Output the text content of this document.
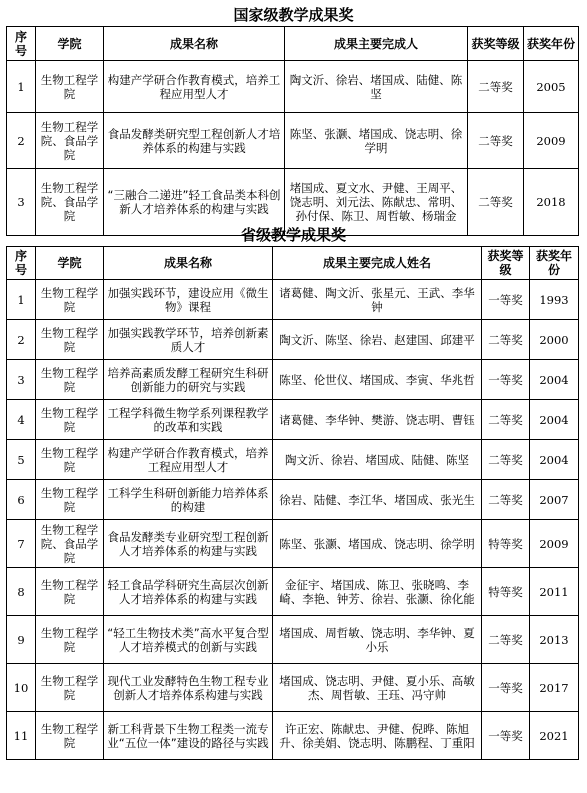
国家级教学成果奖
序号	学院	成果名称	成果主要完成人	获奖等级	获奖年份
1	生物工程学院	构建产学研合作教育模式，培养工程应用型人才	陶文沂、徐岩、堵国成、陆健、陈坚	二等奖	2005
2	生物工程学院、食品学院	食品发酵类研究型工程创新人才培养体系的构建与实践	陈坚、张灏、堵国成、饶志明、徐学明	二等奖	2009
3	生物工程学院、食品学院	“三融合二递进”轻工食品类本科创新人才培养体系的构建与实践	堵国成、夏文水、尹健、王周平、饶志明、刘元法、陈献忠、常明、孙付保、陈卫、周哲敏、杨瑞金	二等奖	2018
省级教学成果奖
序号	学院	成果名称	成果主要完成人姓名	获奖等级	获奖年份
1	生物工程学院	加强实践环节，建设应用《微生物》课程	诸葛健、陶文沂、张星元、王武、李华钟	一等奖	1993
2	生物工程学院	加强实践教学环节，培养创新素质人才	陶文沂、陈坚、徐岩、赵建国、邱建平	二等奖	2000
3	生物工程学院	培养高素质发酵工程研究生科研创新能力的研究与实践	陈坚、伦世仪、堵国成、李寅、华兆哲	一等奖	2004
4	生物工程学院	工程学科微生物学系列课程教学的改革和实践	诸葛健、李华钟、樊游、饶志明、曹钰	二等奖	2004
5	生物工程学院	构建产学研合作教育模式，培养工程应用型人才	陶文沂、徐岩、堵国成、陆健、陈坚	二等奖	2004
6	生物工程学院	工科学生科研创新能力培养体系的构建	徐岩、陆健、李江华、堵国成、张光生	二等奖	2007
7	生物工程学院、食品学院	食品发酵类专业研究型工程创新人才培养体系的构建与实践	陈坚、张灏、堵国成、饶志明、徐学明	特等奖	2009
8	生物工程学院	轻工食品学科研究生高层次创新人才培养体系的构建与实践	金征宇、堵国成、陈卫、张晓鸣、李崎、李艳、钟芳、徐岩、张灏、徐化能	特等奖	2011
9	生物工程学院	“轻工生物技术类”高水平复合型人才培养模式的创新与实践	堵国成、周哲敏、饶志明、李华钟、夏小乐	二等奖	2013
10	生物工程学院	现代工业发酵特色生物工程专业创新人才培养体系构建与实践	堵国成、饶志明、尹健、夏小乐、高敏杰、周哲敏、王珏、冯守帅	一等奖	2017
11	生物工程学院	新工科背景下生物工程类一流专业“五位一体”建设的路径与实践	许正宏、陈献忠、尹健、倪晔、陈旭升、徐美娟、饶志明、陈鹏程、丁重阳	一等奖	2021
